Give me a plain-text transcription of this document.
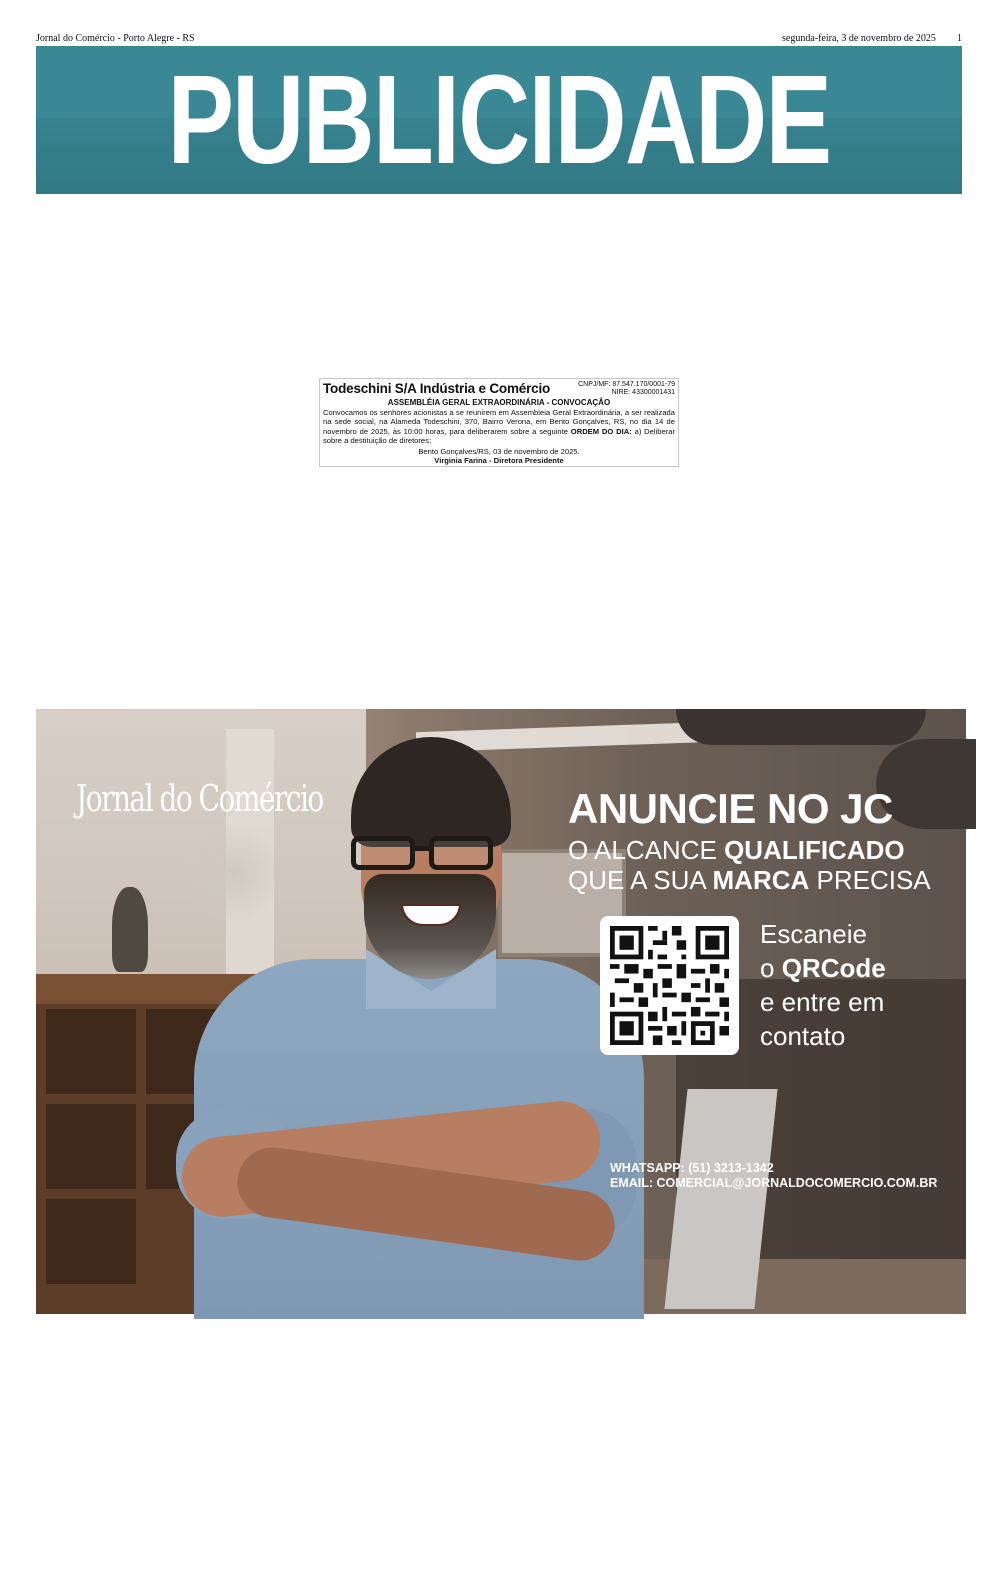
Jornal do Comércio - Porto Alegre - RS	segunda-feira, 3 de novembro de 2025 1
PUBLICIDADE LEGAL
Todeschini S/A Indústria e Comércio	CNPJ/MF: 87.547.170/0001-79
NIRE: 43300001431
ASSEMBLÉIA GERAL EXTRAORDINÁRIA - CONVOCAÇÃO
Convocamos os senhores acionistas a se reunirem em Assembleia Geral Extraordinária, a ser realizada na sede social, na Alameda Todeschini, 370, Bairro Verona, em Bento Gonçalves, RS, no dia 14 de novembro de 2025, às 10:00 horas, para deliberarem sobre a seguinte ORDEM DO DIA: a) Deliberar sobre a destituição de diretores;
Bento Gonçalves/RS, 03 de novembro de 2025.
Virginia Farina - Diretora Presidente
Jornal do Comércio	ANUNCIE NO JC
O ALCANCE QUALIFICADO
QUE A SUA MARCA PRECISA
Escaneie
o QRCode
e entre em
contato
WHATSAPP: (51) 3213-1342
EMAIL: COMERCIAL@JORNALDOCOMERCIO.COM.BR
